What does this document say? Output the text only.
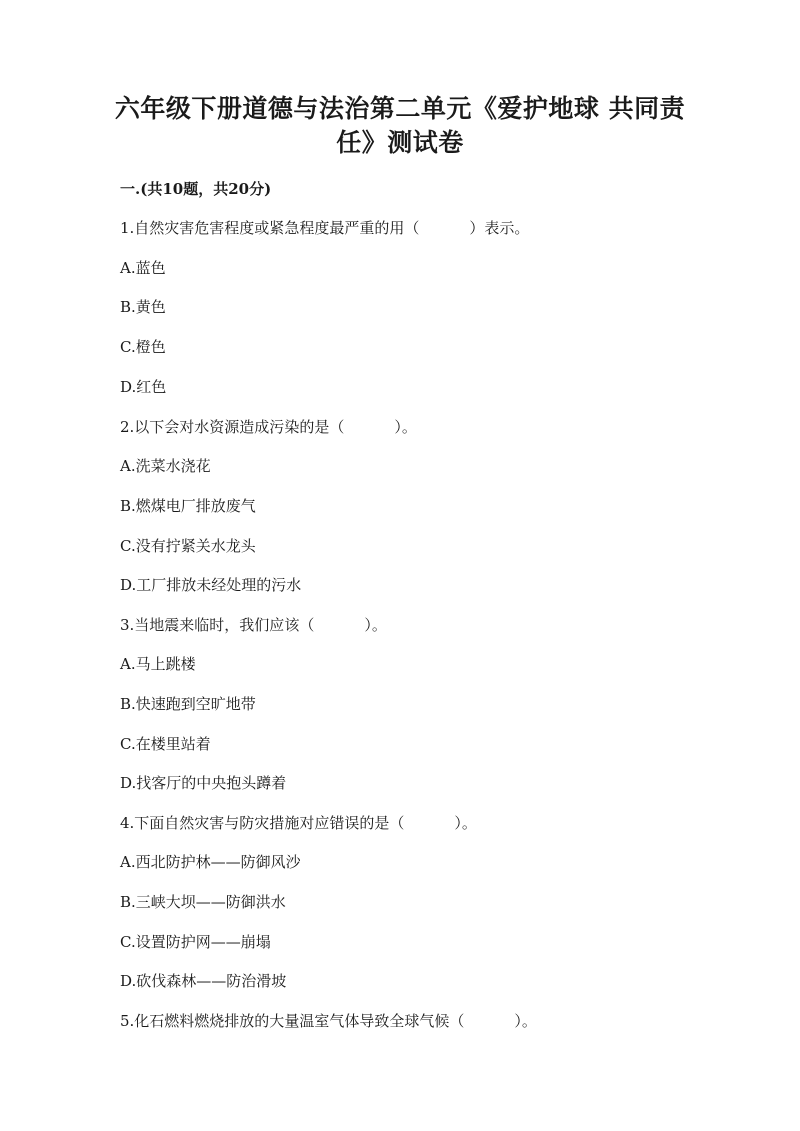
六年级下册道德与法治第二单元《爱护地球 共同责
任》测试卷
一.(共10题，共20分)
1.自然灾害危害程度或紧急程度最严重的用（	）表示。
A.蓝色
B.黄色
C.橙色
D.红色
2.以下会对水资源造成污染的是（	）。
A.洗菜水浇花
B.燃煤电厂排放废气
C.没有拧紧关水龙头
D.工厂排放未经处理的污水
3.当地震来临时，我们应该（	）。
A.马上跳楼
B.快速跑到空旷地带
C.在楼里站着
D.找客厅的中央抱头蹲着
4.下面自然灾害与防灾措施对应错误的是（	）。
A.西北防护林——防御风沙
B.三峡大坝——防御洪水
C.设置防护网——崩塌
D.砍伐森林——防治滑坡
5.化石燃料燃烧排放的大量温室气体导致全球气候（	）。
